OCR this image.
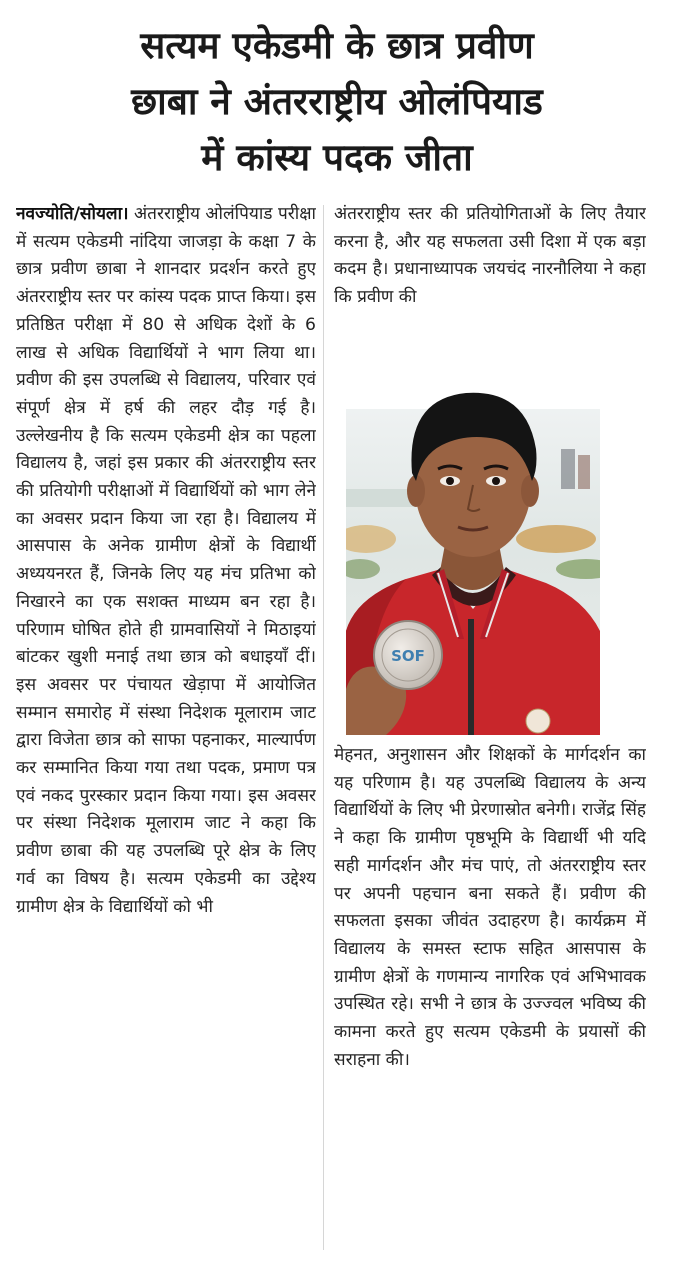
सत्यम एकेडमी के छात्र प्रवीण
छाबा ने अंतरराष्ट्रीय ओलंपियाड
में कांस्य पदक जीता

नवज्योति/सोयला। अंतरराष्ट्रीय ओलंपियाड परीक्षा में सत्यम एकेडमी नांदिया जाजड़ा के कक्षा 7 के छात्र प्रवीण छाबा ने शानदार प्रदर्शन करते हुए अंतरराष्ट्रीय स्तर पर कांस्य पदक प्राप्त किया। इस प्रतिष्ठित परीक्षा में 80 से अधिक देशों के 6 लाख से अधिक विद्यार्थियों ने भाग लिया था। प्रवीण की इस उपलब्धि से विद्यालय, परिवार एवं संपूर्ण क्षेत्र में हर्ष की लहर दौड़ गई है। उल्लेखनीय है कि सत्यम एकेडमी क्षेत्र का पहला विद्यालय है, जहां इस प्रकार की अंतरराष्ट्रीय स्तर की प्रतियोगी परीक्षाओं में विद्यार्थियों को भाग लेने का अवसर प्रदान किया जा रहा है। विद्यालय में आसपास के अनेक ग्रामीण क्षेत्रों के विद्यार्थी अध्ययनरत हैं, जिनके लिए यह मंच प्रतिभा को निखारने का एक सशक्त माध्यम बन रहा है। परिणाम घोषित होते ही ग्रामवासियों ने मिठाइयां बांटकर खुशी मनाई तथा छात्र को बधाइयाँ दीं। इस अवसर पर पंचायत खेड़ापा में आयोजित सम्मान समारोह में संस्था निदेशक मूलाराम जाट द्वारा विजेता छात्र को साफा पहनाकर, माल्यार्पण कर सम्मानित किया गया तथा पदक, प्रमाण पत्र एवं नकद पुरस्कार प्रदान किया गया। इस अवसर पर संस्था निदेशक मूलाराम जाट ने कहा कि प्रवीण छाबा की यह उपलब्धि पूरे क्षेत्र के लिए गर्व का विषय है। सत्यम एकेडमी का उद्देश्य ग्रामीण क्षेत्र के विद्यार्थियों को भी

अंतरराष्ट्रीय स्तर की प्रतियोगिताओं के लिए तैयार करना है, और यह सफलता उसी दिशा में एक बड़ा कदम है। प्रधानाध्यापक जयचंद नारनौलिया ने कहा कि प्रवीण की

SOF

मेहनत, अनुशासन और शिक्षकों के मार्गदर्शन का यह परिणाम है। यह उपलब्धि विद्यालय के अन्य विद्यार्थियों के लिए भी प्रेरणास्रोत बनेगी। राजेंद्र सिंह ने कहा कि ग्रामीण पृष्ठभूमि के विद्यार्थी भी यदि सही मार्गदर्शन और मंच पाएं, तो अंतरराष्ट्रीय स्तर पर अपनी पहचान बना सकते हैं। प्रवीण की सफलता इसका जीवंत उदाहरण है। कार्यक्रम में विद्यालय के समस्त स्टाफ सहित आसपास के ग्रामीण क्षेत्रों के गणमान्य नागरिक एवं अभिभावक उपस्थित रहे। सभी ने छात्र के उज्ज्वल भविष्य की कामना करते हुए सत्यम एकेडमी के प्रयासों की सराहना की।
